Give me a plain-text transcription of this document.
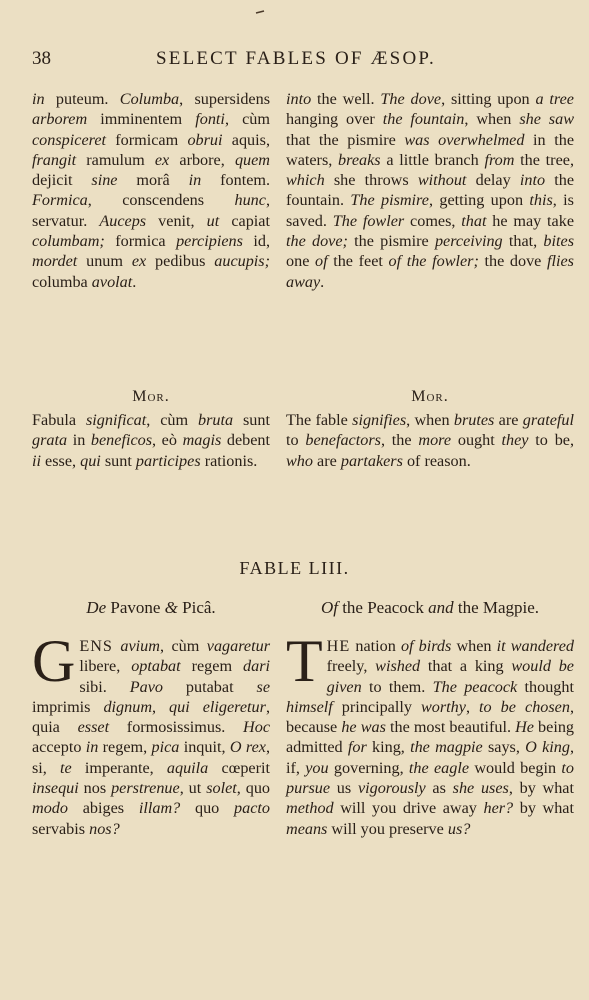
38	SELECT FABLES OF ÆSOP.

in puteum. Columba, supersidens arborem imminentem fonti, cùm conspiceret formicam obrui aquis, frangit ramulum ex arbore, quem dejicit sine morâ in fontem. Formica, conscendens hunc, servatur. Auceps venit, ut capiat columbam; formica percipiens id, mordet unum ex pedibus aucupis; columba avolat.

into the well. The dove, sitting upon a tree hanging over the fountain, when she saw that the pismire was overwhelmed in the waters, breaks a little branch from the tree, which she throws without delay into the fountain. The pismire, getting upon this, is saved. The fowler comes, that he may take the dove; the pismire perceiving that, bites one of the feet of the fowler; the dove flies away.

Mor.	Mor.

Fabula significat, cùm bruta sunt grata in beneficos, eò magis debent ii esse, qui sunt participes rationis.

The fable signifies, when brutes are grateful to benefactors, the more ought they to be, who are partakers of reason.

FABLE LIII.
De Pavone & Picâ.	Of the Peacock and the Magpie.

GENS avium, cùm vagaretur libere, optabat regem dari sibi. Pavo putabat se imprimis dignum, qui eligeretur, quia esset formosissimus. Hoc accepto in regem, pica inquit, O rex, si, te imperante, aquila cœperit insequi nos perstrenue, ut solet, quo modo abiges illam? quo pacto servabis nos?

THE nation of birds when it wandered freely, wished that a king would be given to them. The peacock thought himself principally worthy, to be chosen, because he was the most beautiful. He being admitted for king, the magpie says, O king, if, you governing, the eagle would begin to pursue us vigorously as she uses, by what method will you drive away her? by what means will you preserve us?
